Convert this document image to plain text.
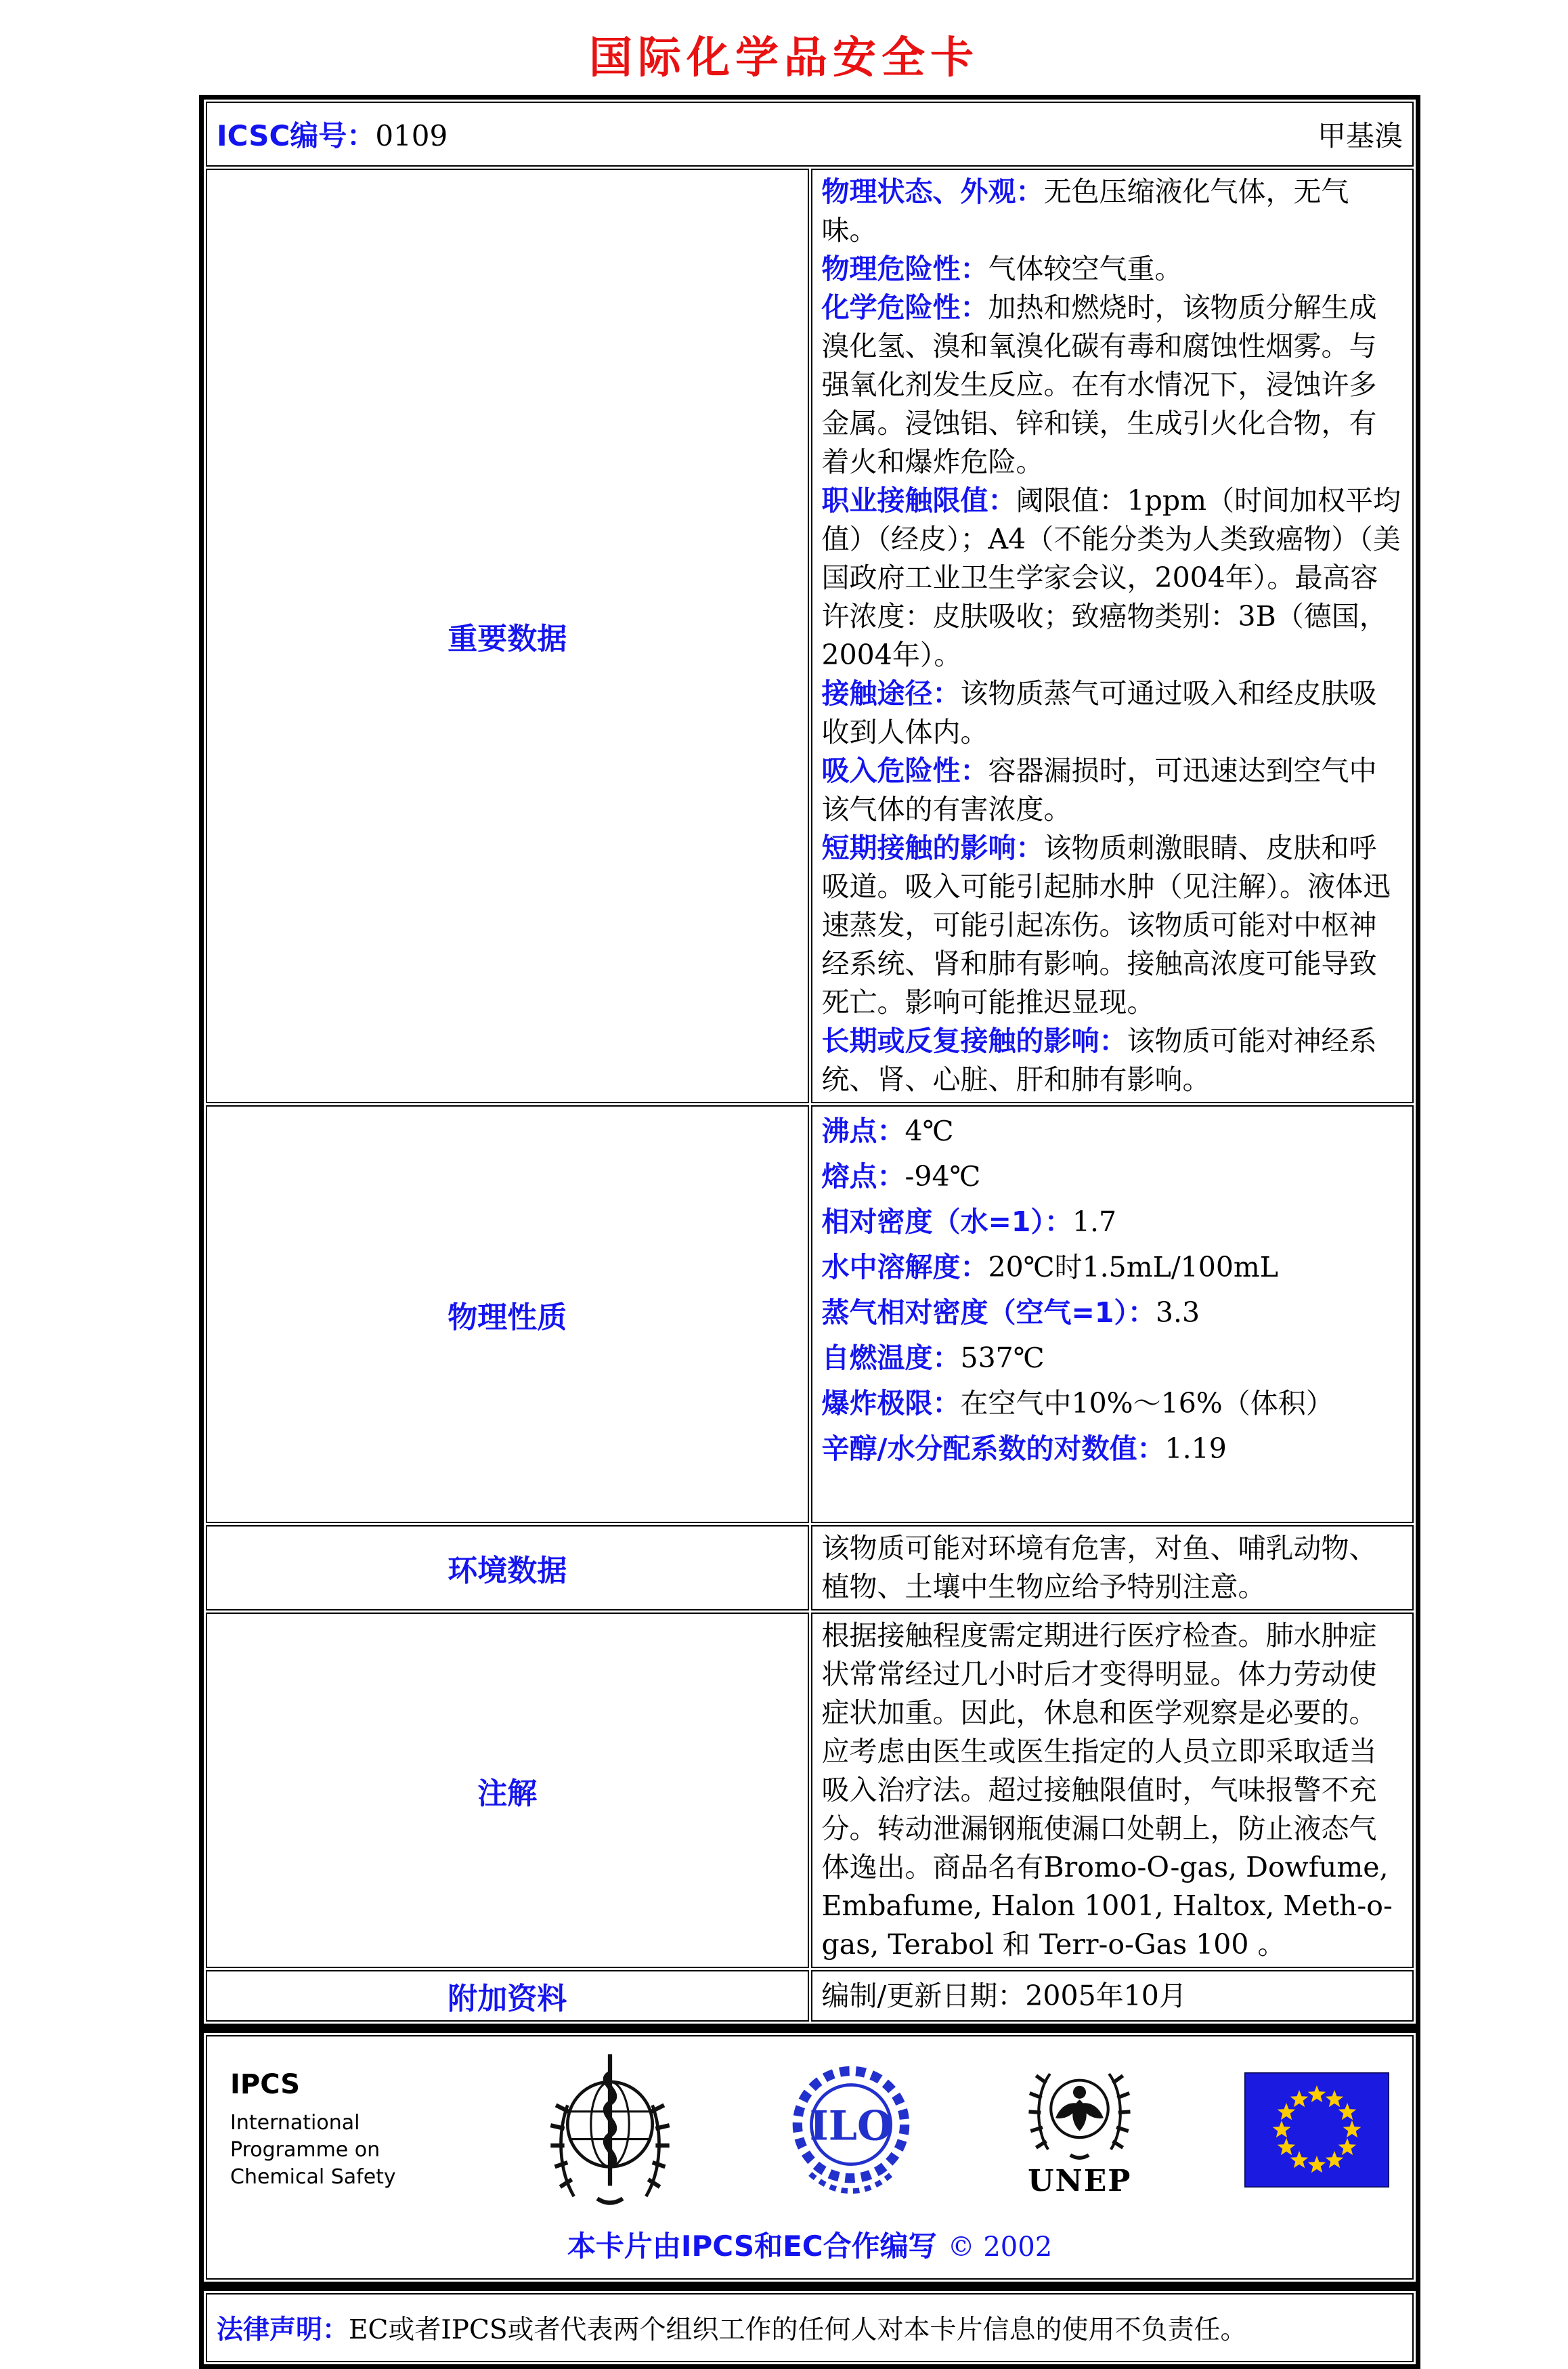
国际化学品安全卡
ICSC编号：0109 甲基溴	

重要数据	
物理状态、外观：无色压缩液化气体，无气味。
物理危险性：气体较空气重。
化学危险性：加热和燃烧时，该物质分解生成溴化氢、溴和氧溴化碳有毒和腐蚀性烟雾。与强氧化剂发生反应。在有水情况下，浸蚀许多金属。浸蚀铝、锌和镁，生成引火化合物，有着火和爆炸危险。
职业接触限值：阈限值：1ppm（时间加权平均值）（经皮）；A4（不能分类为人类致癌物）（美国政府工业卫生学家会议，2004年）。最高容许浓度：皮肤吸收；致癌物类别：3B（德国，2004年）。
接触途径：该物质蒸气可通过吸入和经皮肤吸收到人体内。
吸入危险性：容器漏损时，可迅速达到空气中该气体的有害浓度。
短期接触的影响：该物质刺激眼睛、皮肤和呼吸道。吸入可能引起肺水肿（见注解）。液体迅速蒸发，可能引起冻伤。该物质可能对中枢神经系统、肾和肺有影响。接触高浓度可能导致死亡。影响可能推迟显现。
长期或反复接触的影响：该物质可能对神经系统、肾、心脏、肝和肺有影响。

物理性质	
沸点：4℃
熔点：-94℃
相对密度（水=1）：1.7
水中溶解度：20℃时1.5mL/100mL
蒸气相对密度（空气=1）：3.3
自燃温度：537℃
爆炸极限：在空气中10%～16%（体积）
辛醇/水分配系数的对数值：1.19

环境数据	该物质可能对环境有危害，对鱼、哺乳动物、植物、土壤中生物应给予特别注意。

注解	根据接触程度需定期进行医疗检查。肺水肿症状常常经过几小时后才变得明显。体力劳动使症状加重。因此，休息和医学观察是必要的。应考虑由医生或医生指定的人员立即采取适当吸入治疗法。超过接触限值时，气味报警不充分。转动泄漏钢瓶使漏口处朝上，防止液态气体逸出。商品名有Bromo-O-gas, Dowfume, Embafume, Halon 1001, Haltox, Meth-o-gas, Terabol 和 Terr-o-Gas 100 。

附加资料	编制/更新日期：2005年10月
IPCS
International
Programme on
Chemical Safety
ILO
UNEP
本卡片由IPCS和EC合作编写 © 2002
法律声明：EC或者IPCS或者代表两个组织工作的任何人对本卡片信息的使用不负责任。
